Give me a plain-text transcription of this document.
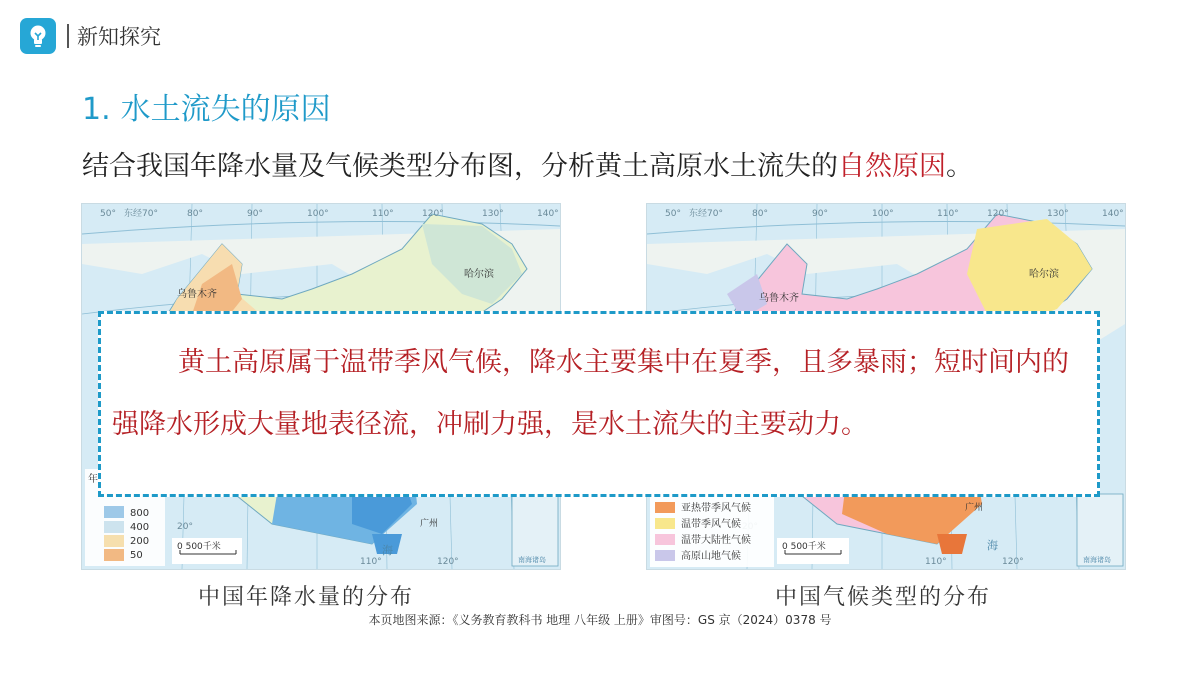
新知探究
1. 水土流失的原因
结合我国年降水量及气候类型分布图，分析黄土高原水土流失的自然原因。
50° 东经70°	80°	90°	100°	110°	120°	130°	140°
乌鲁木齐
哈尔滨
广州
20°
110°	120°
海
南海诸岛
年
800
400
200
50
0 500千米
50° 东经70°	80°	90°	100°	110°	120°	130°	140°
乌鲁木齐
哈尔滨
广州
110°	120°
海
南海诸岛
亚热带季风气候
温带季风气候
温带大陆性气候
高原山地气候
0 500千米
中国年降水量的分布	中国气候类型的分布
本页地图来源：《义务教育教科书 地理 八年级 上册》审图号：GS 京（2024）0378 号
黄土高原属于温带季风气候，降水主要集中在夏季，且多暴雨；短时间内的强降水形成大量地表径流，冲刷力强，是水土流失的主要动力。
